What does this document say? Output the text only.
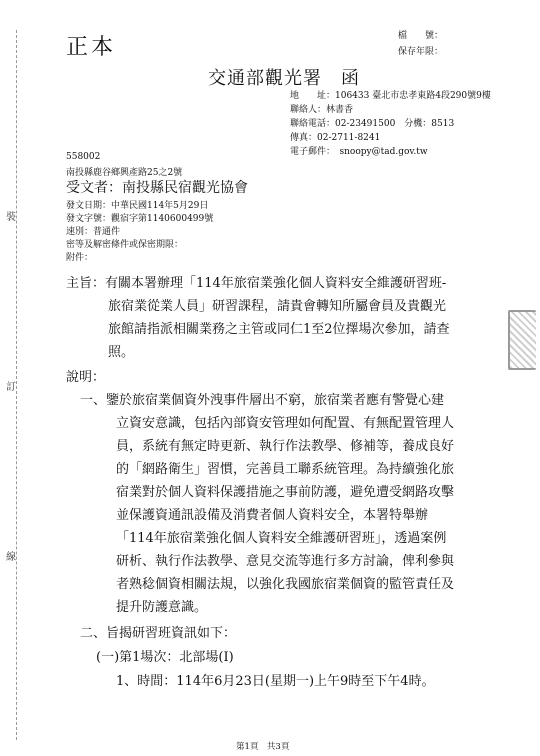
裝
訂
線
正本	檔　　號：
保存年限：
交通部觀光署　函
地　　址：106433 臺北市忠孝東路4段290號9樓
聯絡人：林書香
聯絡電話：02-23491500　分機：8513
傳真：02-2711-8241
電子郵件：　snoopy@tad.gov.tw
558002
南投縣鹿谷鄉興產路25之2號
受文者：南投縣民宿觀光協會
發文日期：中華民國114年5月29日
發文字號：觀宿字第1140600499號
速別：普通件
密等及解密條件或保密期限：
附件：
主旨：有關本署辦理「114年旅宿業強化個人資料安全維護研習班-
旅宿業從業人員」研習課程，請貴會轉知所屬會員及貴觀光
旅館請指派相關業務之主管或同仁1至2位擇場次參加，請查
照。
說明：
一、鑒於旅宿業個資外洩事件層出不窮，旅宿業者應有警覺心建
立資安意識，包括內部資安管理如何配置、有無配置管理人
員，系統有無定時更新、執行作法教學、修補等，養成良好
的「網路衛生」習慣，完善員工聯系統管理。為持續強化旅
宿業對於個人資料保護措施之事前防護，避免遭受網路攻擊
並保護資通訊設備及消費者個人資料安全，本署特舉辦
「114年旅宿業強化個人資料安全維護研習班」，透過案例
研析、執行作法教學、意見交流等進行多方討論，俾利參與
者熟稔個資相關法規，以強化我國旅宿業個資的監管責任及
提升防護意識。
二、旨揭研習班資訊如下：
(一)第1場次：北部場(I)
1、時間：114年6月23日(星期一)上午9時至下午4時。
第1頁　共3頁
